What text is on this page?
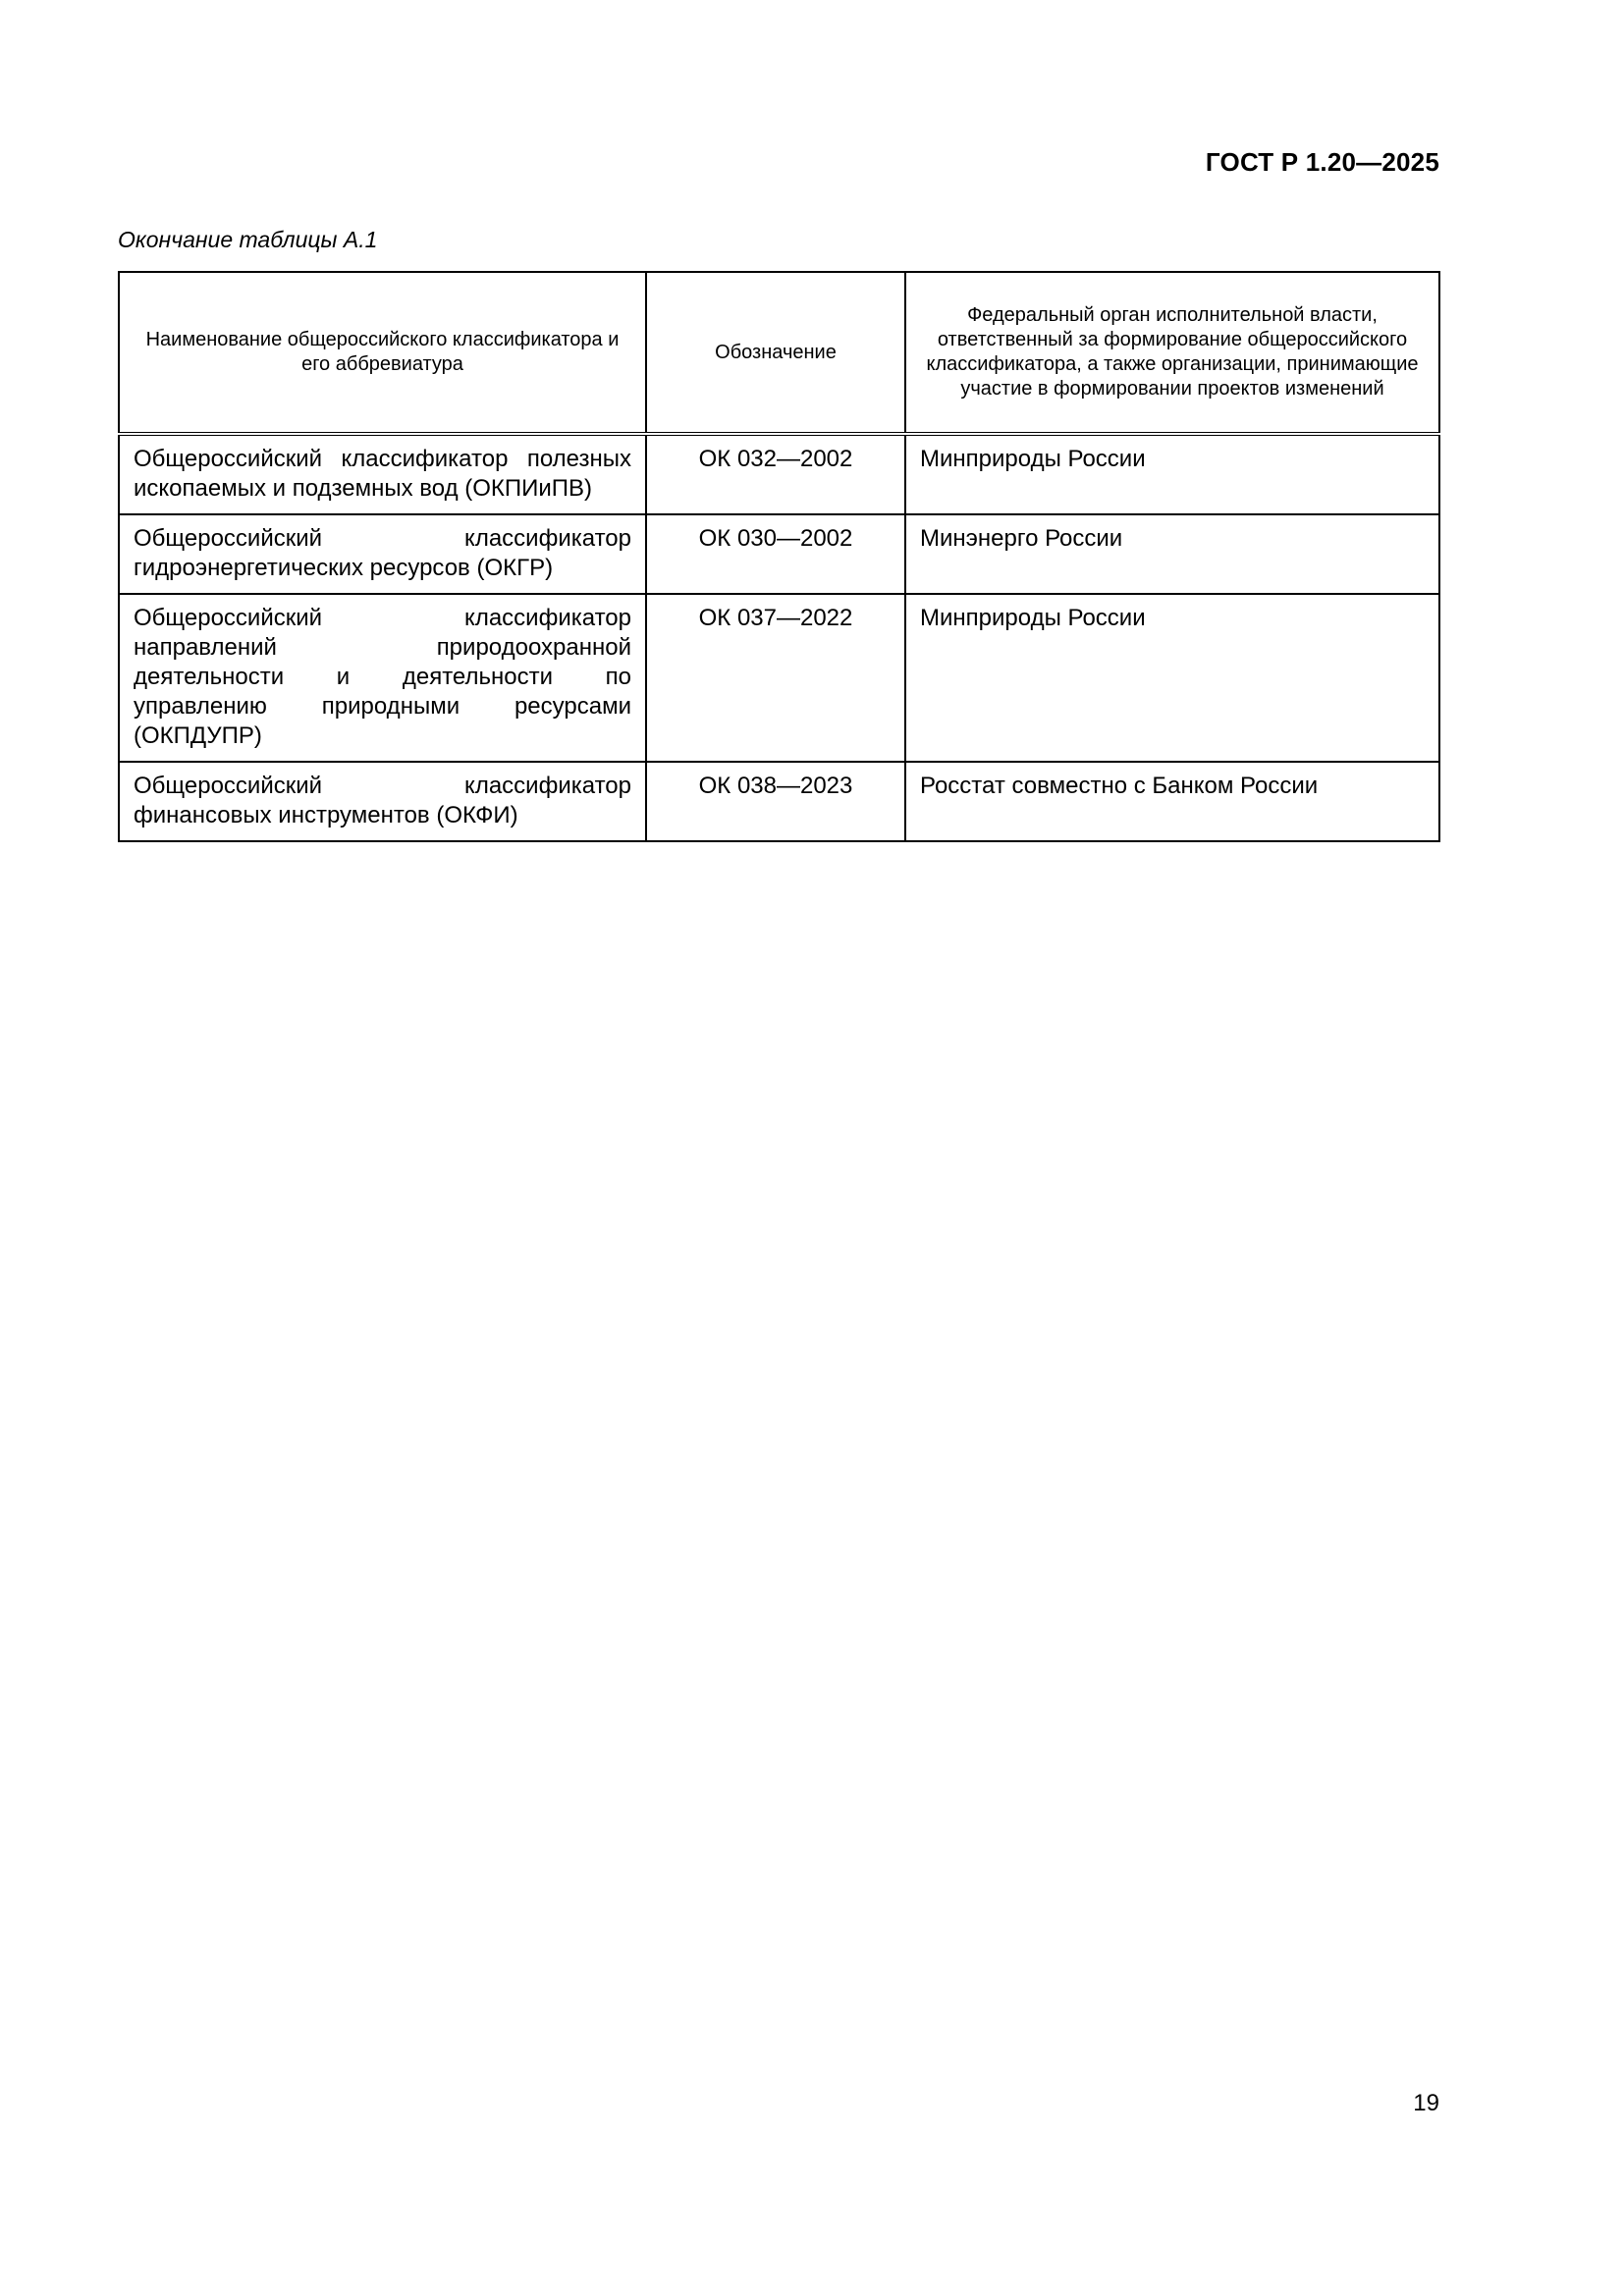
ГОСТ Р 1.20—2025
Окончание таблицы А.1
Наименование общероссийского классификатора и его аббревиатура	Обозначение	Федеральный орган исполнительной власти, ответственный за формирование общероссийского классификатора, а также организации, принимающие участие в формировании проектов изменений
Общероссийский классификатор полезных ископаемых и подземных вод (ОКПИиПВ)	ОК 032—2002	Минприроды России
Общероссийский классификатор гидроэнергетических ресурсов (ОКГР)	ОК 030—2002	Минэнерго России
Общероссийский классификатор направлений природоохранной деятельности и деятельности по управлению природными ресурсами (ОКПДУПР)	ОК 037—2022	Минприроды России
Общероссийский классификатор финансовых инструментов (ОКФИ)	ОК 038—2023	Росстат совместно с Банком России
19
